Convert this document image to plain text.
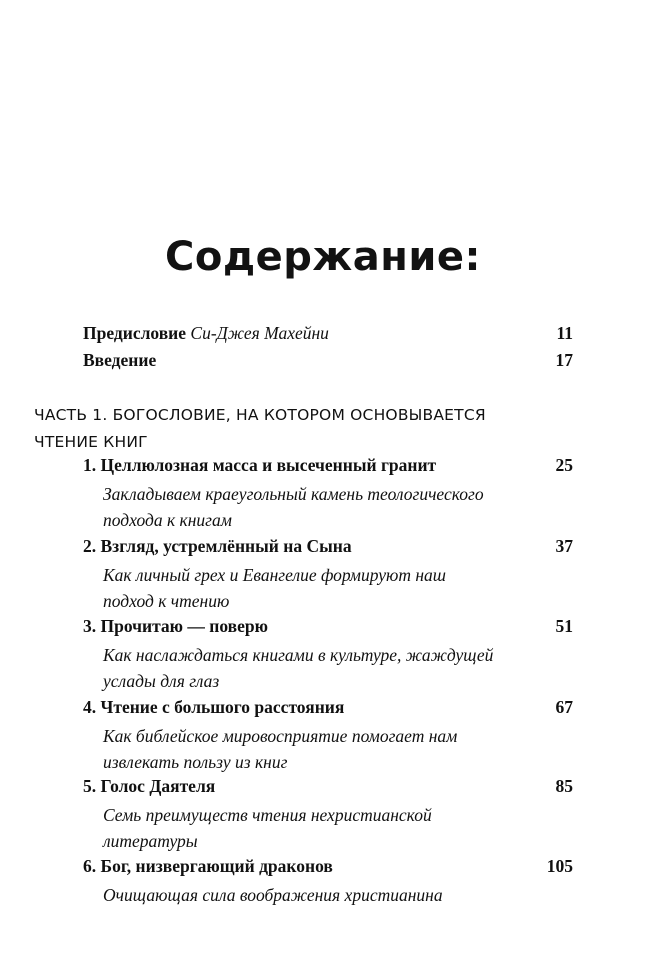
Содержание:
Предисловие Си-Джея Махейни	11
Введение	17
ЧАСТЬ 1. БОГОСЛОВИЕ, НА КОТОРОМ ОСНОВЫВАЕТСЯ
ЧТЕНИЕ КНИГ
1. Целлюлозная масса и высеченный гранит	25
Закладываем краеугольный камень теологического
подхода к книгам
2. Взгляд, устремлённый на Сына	37
Как личный грех и Евангелие формируют наш
подход к чтению
3. Прочитаю — поверю	51
Как наслаждаться книгами в культуре, жаждущей
услады для глаз
4. Чтение с большого расстояния	67
Как библейское мировосприятие помогает нам
извлекать пользу из книг
5. Голос Даятеля	85
Семь преимуществ чтения нехристианской
литературы
6. Бог, низвергающий драконов	105
Очищающая сила воображения христианина
